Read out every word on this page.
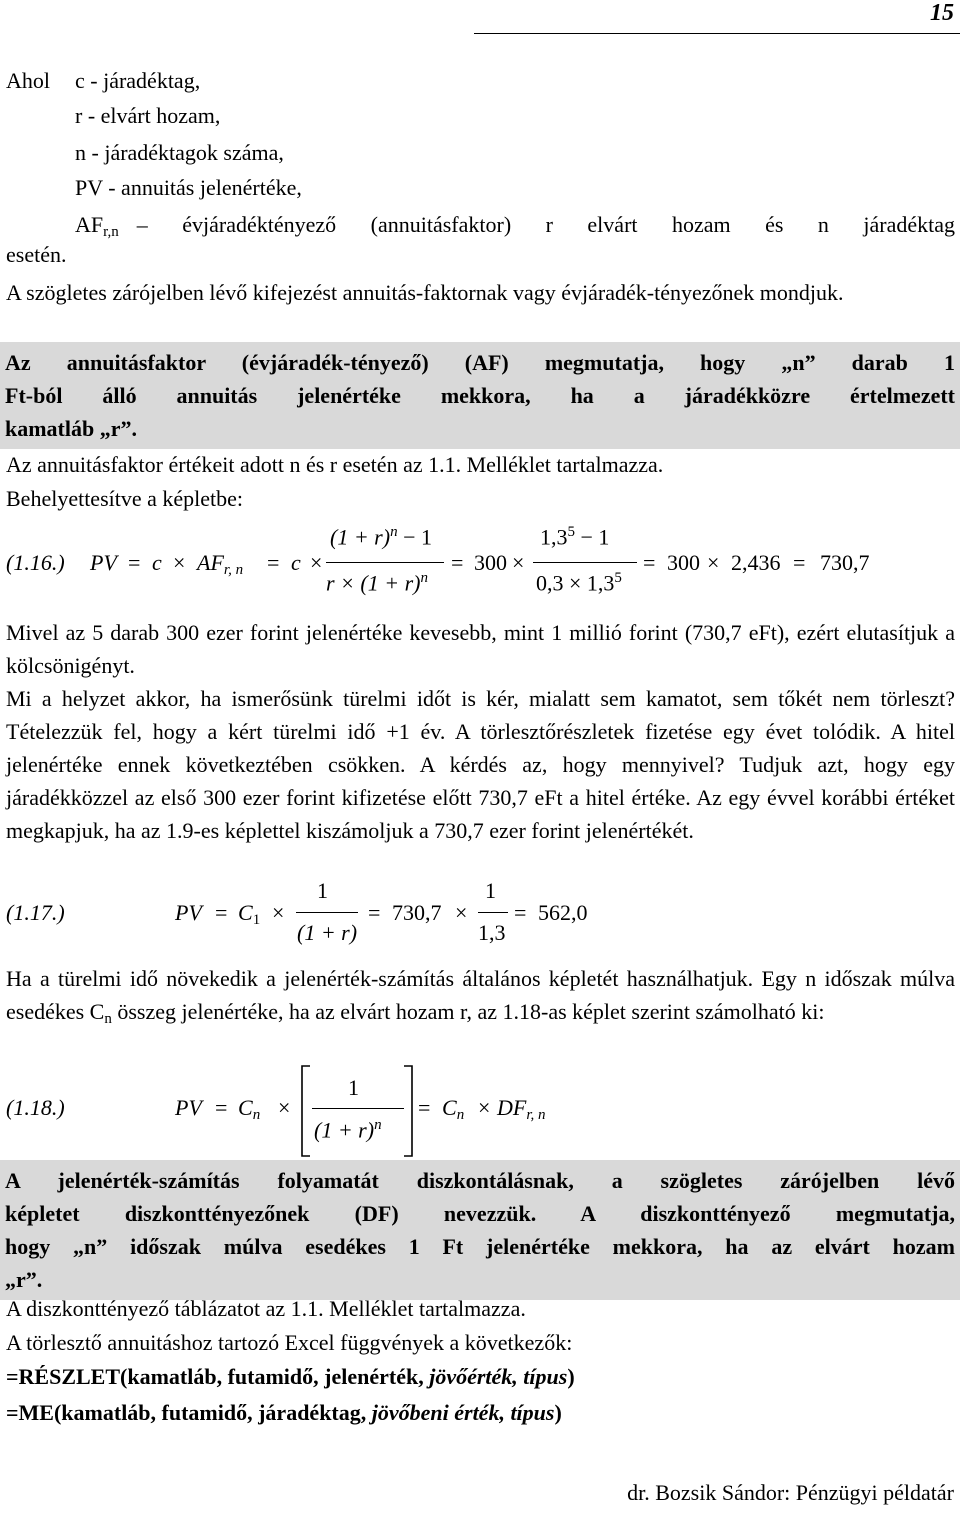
15
Ahol c - járadéktag,
r - elvárt hozam,
n - járadéktagok száma,
PV - annuitás jelenértéke,
$AF_{r,n}$ – évjáradéktényező (annuitásfaktor) r elvárt hozam és n járadéktag
esetén.
A szögletes zárójelben lévő kifejezést annuitás-faktornak vagy évjáradék-tényezőnek mondjuk.

Az annuitásfaktor (évjáradék-tényező) (AF) megmutatja, hogy „n” darab 1

Ft-ból álló annuitás jelenértéke mekkora, ha a járadékközre értelmezett

kamatláb „r”.

Az annuitásfaktor értékeit adott n és r esetén az 1.1. Melléklet tartalmazza.
Behelyettesítve a képletbe:
(1.16.) PV = $c \times AF_{r, n} = c$ ×
$(1 + r)^n - 1$
$r \times (1 + r)^n$
= 300 ×
$1,3^5 - 1$
$0,3 \times 1,3^5$
= 300 × 2,436 = 730,7
Mivel az 5 darab 300 ezer forint jelenértéke kevesebb, mint 1 millió forint (730,7 eFt), ezért elutasítjuk a kölcsönigényt.
Mi a helyzet akkor, ha ismerősünk türelmi időt is kér, mialatt sem kamatot, sem tőkét nem törleszt? Tételezzük fel, hogy a kért türelmi idő +1 év. A törlesztőrészletek fizetése egy évet tolódik. A hitel jelenértéke ennek következtében csökken. A kérdés az, hogy mennyivel? Tudjuk azt, hogy egy járadékközzel az első 300 ezer forint kifizetése előtt 730,7 eFt a hitel értéke. Az egy évvel korábbi értéket megkapjuk, ha az 1.9-es képlettel kiszámoljuk a 730,7 ezer forint jelenértékét.
(1.17.)	PV = $C_1$ ×
1
(1 + r)
= 730,7 ×
1
1,3
= 562,0
Ha a türelmi idő növekedik a jelenérték-számítás általános képletét használhatjuk. Egy n időszak múlva esedékes $C_n$ összeg jelenértéke, ha az elvárt hozam r, az 1.18-as képlet szerint számolható ki:
(1.18.)	PV = $C_n$ ×
1
$(1 + r)^n$
= $C_n \times DF_{r, n}$

A jelenérték-számítás folyamatát diszkontálásnak, a szögletes zárójelben lévő

képletet diszkonttényezőnek (DF) nevezzük. A diszkonttényező megmutatja,

hogy „n” időszak múlva esedékes 1 Ft jelenértéke mekkora, ha az elvárt hozam

„r”.

A diszkonttényező táblázatot az 1.1. Melléklet tartalmazza.
A törlesztő annuitáshoz tartozó Excel függvények a következők:
=RÉSZLET(kamatláb, futamidő, jelenérték, jövőérték, típus)
=ME(kamatláb, futamidő, járadéktag, jövőbeni érték, típus)
dr. Bozsik Sándor: Pénzügyi példatár
